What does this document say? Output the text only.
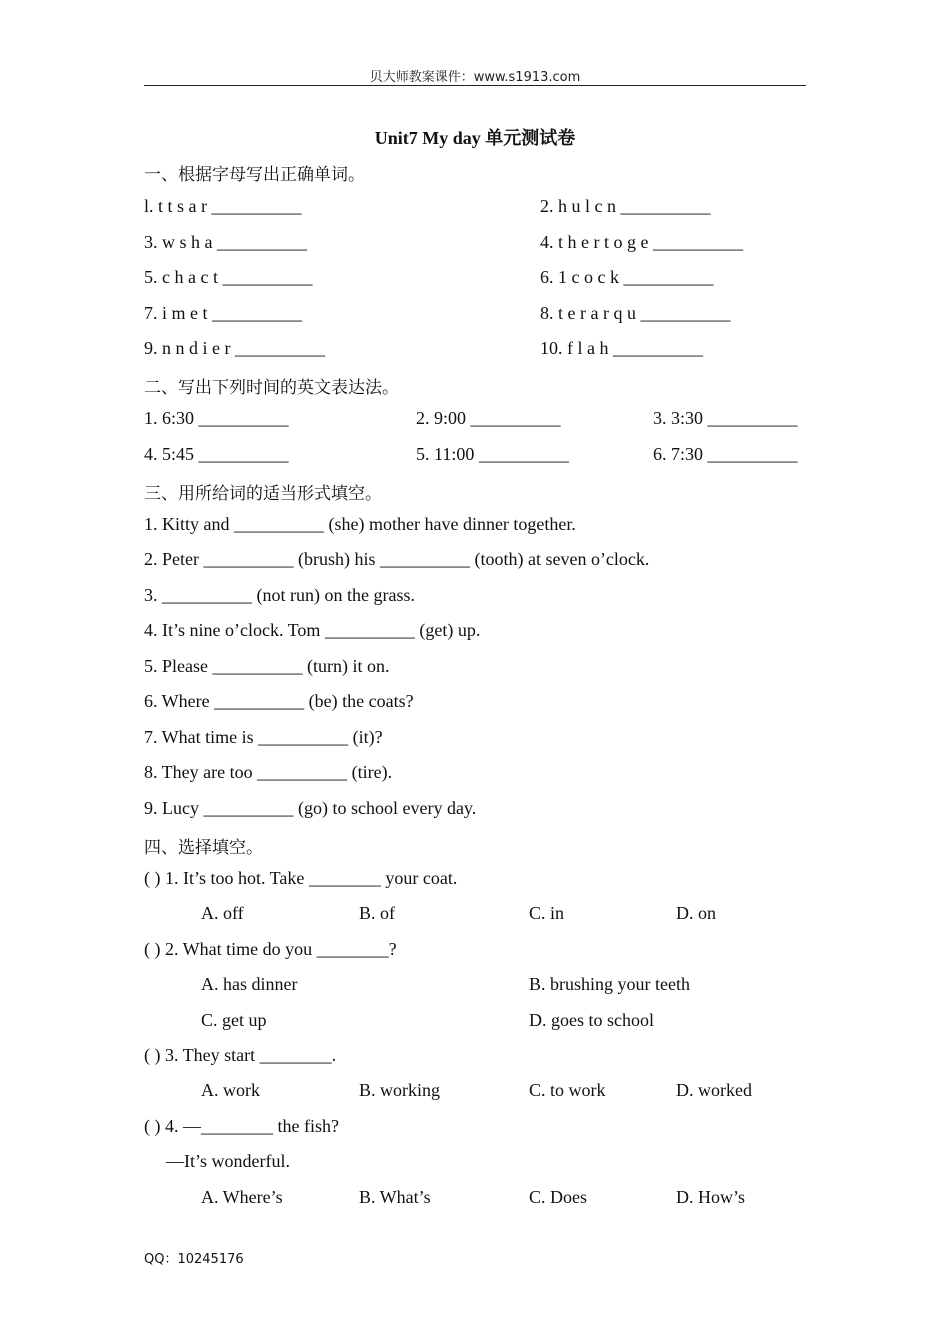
贝大师教案课件：www.s1913.com
Unit7 My day 单元测试卷
一、根据字母写出正确单词。
l. t t s a r __________	2. h u l c n __________
3. w s h a __________	4. t h e r t o g e __________
5. c h a c t __________	6. 1 c o c k __________
7. i m e t __________	8. t e r a r q u __________
9. n n d i e r __________	10. f l a h __________
二、写出下列时间的英文表达法。
1. 6:30 __________	2. 9:00 __________	3. 3:30 __________
4. 5:45 __________	5. 11:00 __________	6. 7:30 __________
三、用所给词的适当形式填空。
1. Kitty and __________ (she) mother have dinner together.
2. Peter __________ (brush) his __________ (tooth) at seven o’clock.
3. __________ (not run) on the grass.
4. It’s nine o’clock. Tom __________ (get) up.
5. Please __________ (turn) it on.
6. Where __________ (be) the coats?
7. What time is __________ (it)?
8. They are too __________ (tire).
9. Lucy __________ (go) to school every day.
四、选择填空。
( ) 1. It’s too hot. Take ________ your coat.
A. off	B. of	C. in	D. on
( ) 2. What time do you ________?
A. has dinner	B. brushing your teeth
C. get up	D. goes to school
( ) 3. They start ________.
A. work	B. working	C. to work	D. worked
( ) 4. —________ the fish?
—It’s wonderful.
A. Where’s	B. What’s	C. Does	D. How’s
QQ：10245176
